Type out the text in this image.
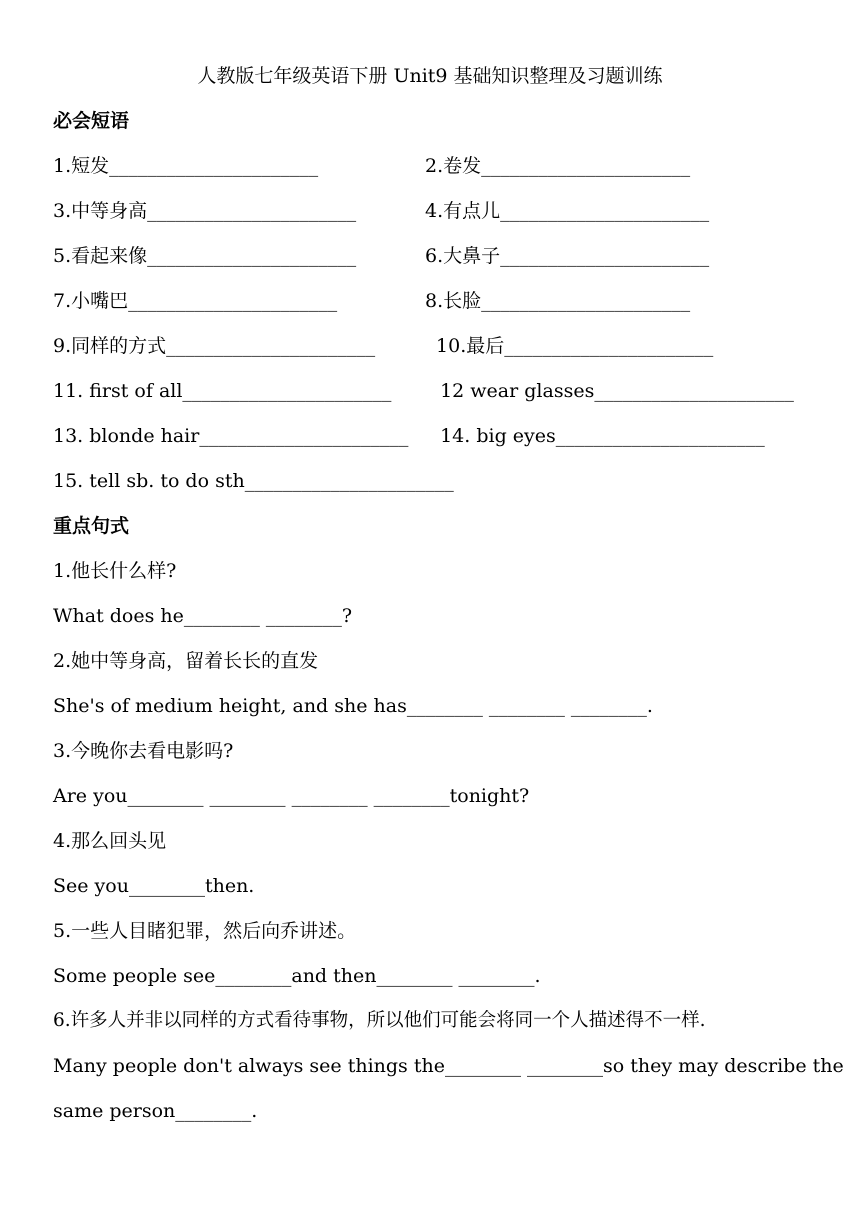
人教版七年级英语下册 Unit9 基础知识整理及习题训练
必会短语
1.短发______________________	2.卷发______________________
3.中等身高______________________	4.有点儿______________________
5.看起来像______________________	6.大鼻子______________________
7.小嘴巴______________________	8.长脸______________________
9.同样的方式______________________	10.最后______________________
11. first of all______________________ 12 wear glasses_____________________
13. blonde hair______________________ 14. big eyes______________________
15. tell sb. to do sth______________________
重点句式
1.他长什么样?
What does he________ ________?
2.她中等身高，留着长长的直发
She's of medium height, and she has________ ________ ________.
3.今晚你去看电影吗?
Are you________ ________ ________ ________tonight?
4.那么回头见
See you________then.
5.一些人目睹犯罪，然后向乔讲述。
Some people see________and then________ ________.
6.许多人并非以同样的方式看待事物，所以他们可能会将同一个人描述得不一样.
Many people don't always see things the________ ________so they may describe the
same person________.
